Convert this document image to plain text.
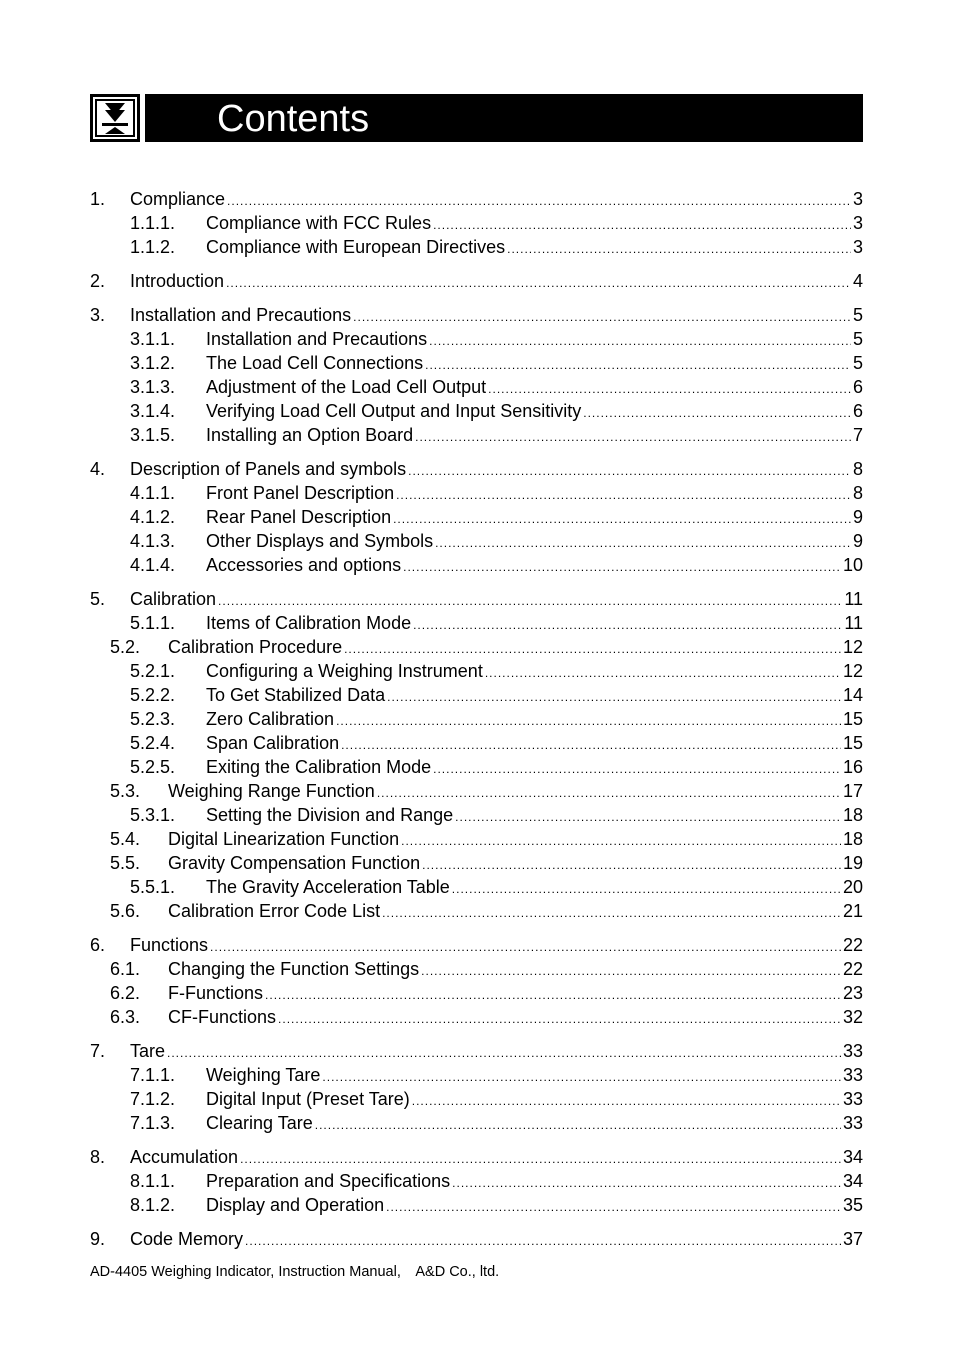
Contents
1.	Compliance .....	3
1.1.1.	Compliance with FCC Rules .....	3
1.1.2.	Compliance with European Directives .....	3
2.	Introduction .....	4
3.	Installation and Precautions .....	5
3.1.1.	Installation and Precautions .....	5
3.1.2.	The Load Cell Connections .....	5
3.1.3.	Adjustment of the Load Cell Output .....	6
3.1.4.	Verifying Load Cell Output and Input Sensitivity .....	6
3.1.5.	Installing an Option Board .....	7
4.	Description of Panels and symbols .....	8
4.1.1.	Front Panel Description .....	8
4.1.2.	Rear Panel Description .....	9
4.1.3.	Other Displays and Symbols .....	9
4.1.4.	Accessories and options .....	10
5.	Calibration .....	11
5.1.1.	Items of Calibration Mode .....	11
5.2.	Calibration Procedure .....	12
5.2.1.	Configuring a Weighing Instrument .....	12
5.2.2.	To Get Stabilized Data .....	14
5.2.3.	Zero Calibration .....	15
5.2.4.	Span Calibration .....	15
5.2.5.	Exiting the Calibration Mode .....	16
5.3.	Weighing Range Function .....	17
5.3.1.	Setting the Division and Range .....	18
5.4.	Digital Linearization Function .....	18
5.5.	Gravity Compensation Function .....	19
5.5.1.	The Gravity Acceleration Table .....	20
5.6.	Calibration Error Code List .....	21
6.	Functions .....	22
6.1.	Changing the Function Settings .....	22
6.2.	F-Functions .....	23
6.3.	CF-Functions .....	32
7.	Tare .....	33
7.1.1.	Weighing Tare .....	33
7.1.2.	Digital Input (Preset Tare) .....	33
7.1.3.	Clearing Tare .....	33
8.	Accumulation .....	34
8.1.1.	Preparation and Specifications .....	34
8.1.2.	Display and Operation .....	35
9.	Code Memory .....	37
AD-4405 Weighing Indicator, Instruction Manual,　A&D Co., ltd.
